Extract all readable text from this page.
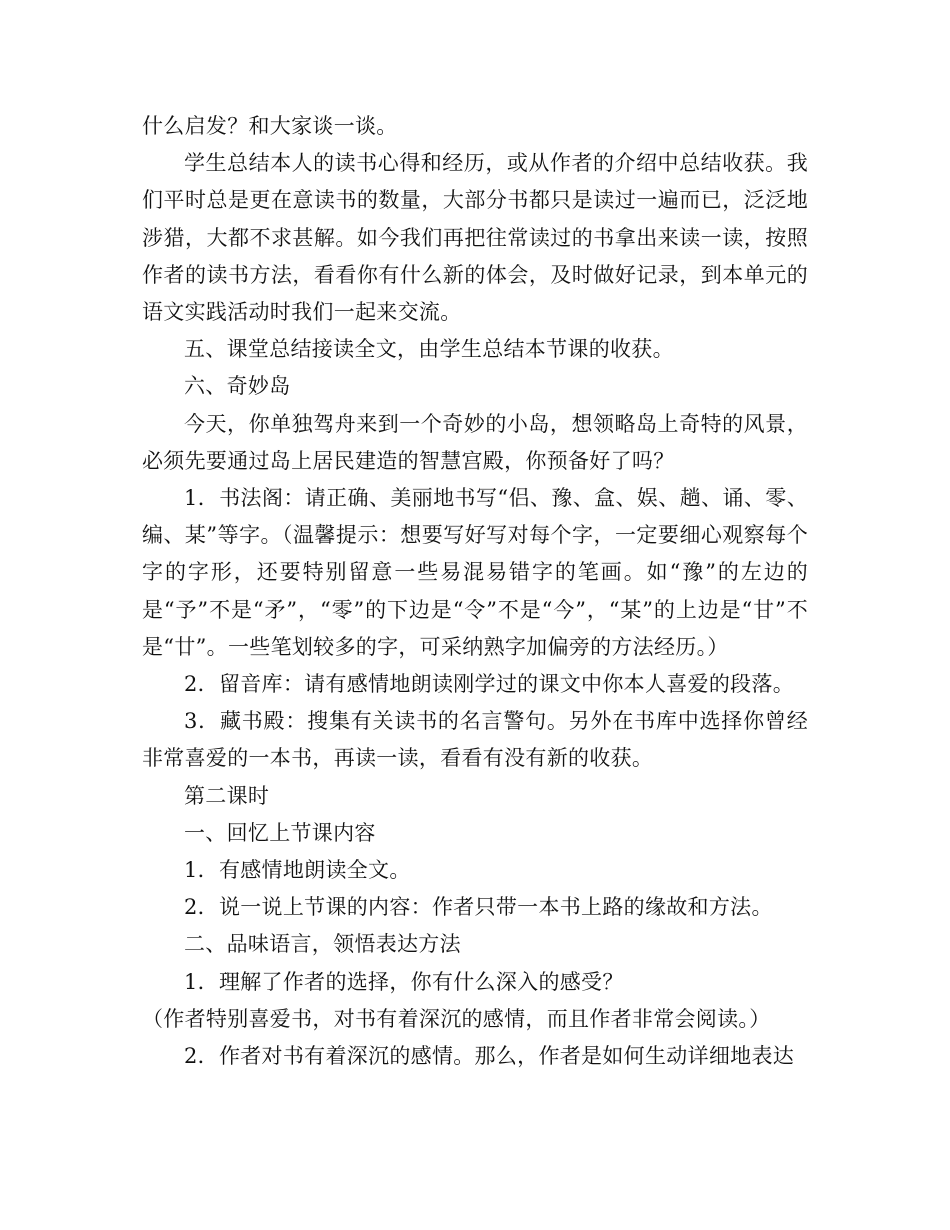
什么启发？和大家谈一谈。

学生总结本人的读书心得和经历，或从作者的介绍中总结收获。我们平时总是更在意读书的数量，大部分书都只是读过一遍而已，泛泛地涉猎，大都不求甚解。如今我们再把往常读过的书拿出来读一读，按照作者的读书方法，看看你有什么新的体会，及时做好记录，到本单元的语文实践活动时我们一起来交流。

五、课堂总结接读全文，由学生总结本节课的收获。

六、奇妙岛

今天，你单独驾舟来到一个奇妙的小岛，想领略岛上奇特的风景，必须先要通过岛上居民建造的智慧宫殿，你预备好了吗？

1．书法阁：请正确、美丽地书写“侣、豫、盒、娱、趟、诵、零、编、某”等字。（温馨提示：想要写好写对每个字，一定要细心观察每个字的字形，还要特别留意一些易混易错字的笔画。如“豫”的左边的是“予”不是“矛”，“零”的下边是“令”不是“今”，“某”的上边是“甘”不是“廿”。一些笔划较多的字，可采纳熟字加偏旁的方法经历。）

2．留音库：请有感情地朗读刚学过的课文中你本人喜爱的段落。

3．藏书殿：搜集有关读书的名言警句。另外在书库中选择你曾经非常喜爱的一本书，再读一读，看看有没有新的收获。

第二课时

一、回忆上节课内容

1．有感情地朗读全文。

2．说一说上节课的内容：作者只带一本书上路的缘故和方法。

二、品味语言，领悟表达方法

1．理解了作者的选择，你有什么深入的感受？

（作者特别喜爱书，对书有着深沉的感情，而且作者非常会阅读。）

2．作者对书有着深沉的感情。那么，作者是如何生动详细地表达
